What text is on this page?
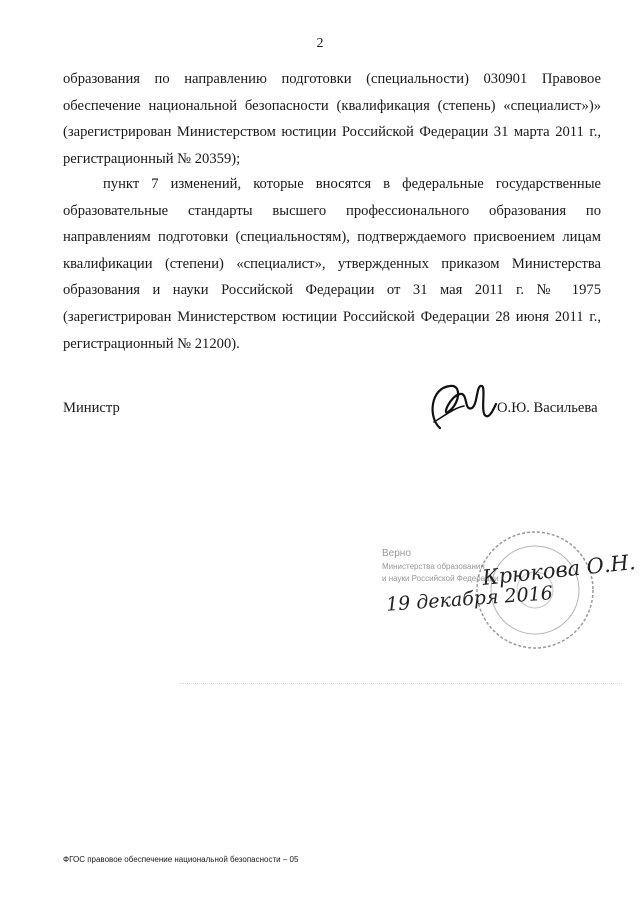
2
образования по направлению подготовки (специальности) 030901 Правовое обеспечение национальной безопасности (квалификация (степень) «специалист»)» (зарегистрирован Министерством юстиции Российской Федерации 31 марта 2011 г., регистрационный № 20359);
пункт 7 изменений, которые вносятся в федеральные государственные образовательные стандарты высшего профессионального образования по направлениям подготовки (специальностям), подтверждаемого присвоением лицам квалификации (степени) «специалист», утвержденных приказом Министерства образования и науки Российской Федерации от 31 мая 2011 г. № 1975 (зарегистрирован Министерством юстиции Российской Федерации 28 июня 2011 г., регистрационный № 21200).
Министр	О.Ю. Васильева
Верно
Министерства образования
и науки Российской Федерации
Крюкова О.Н.
19 декабря 2016
ФГОС правовое обеспечение национальной безопасности – 05
